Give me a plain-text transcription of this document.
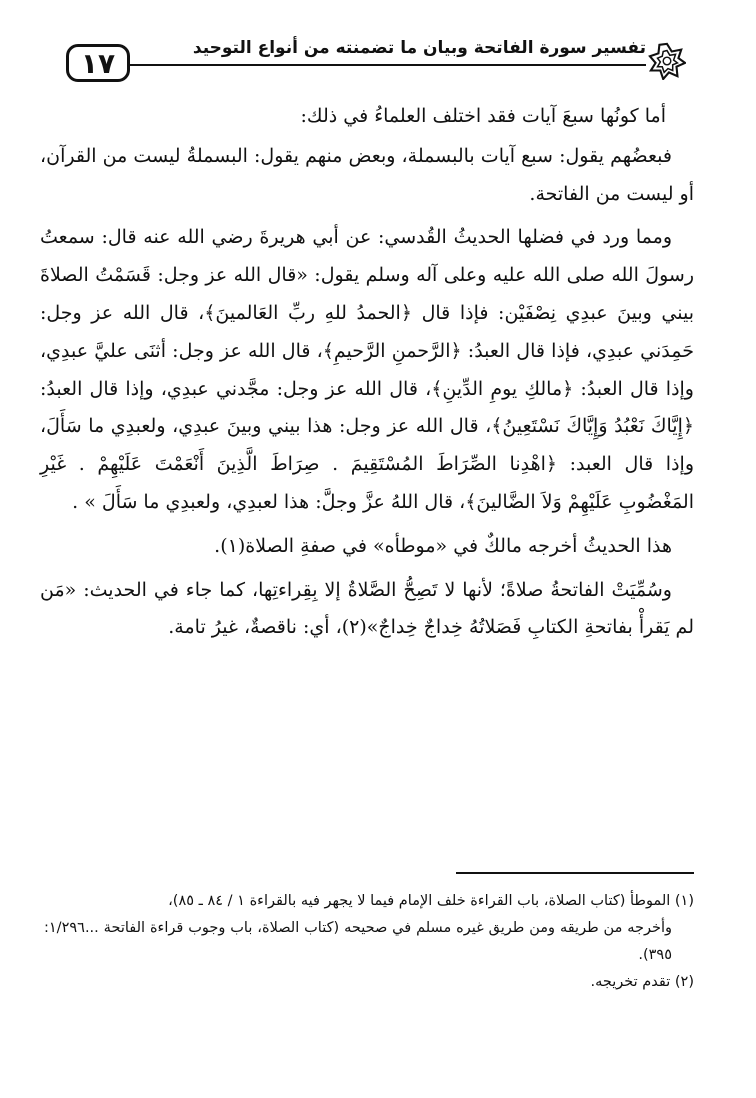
١٧	تفسير سورة الفاتحة وبيان ما تضمنته من أنواع التوحيد

أما كونُها سبعَ آيات فقد اختلف العلماءُ في ذلك:

فبعضُهم يقول: سبع آيات بالبسملة، وبعض منهم يقول: البسملةُ ليست من القرآن، أو ليست من الفاتحة.

ومما ورد في فضلها الحديثُ القُدسي: عن أبي هريرةَ رضي الله عنه قال: سمعتُ رسولَ الله صلى الله عليه وعلى آله وسلم يقول: «قال الله عز وجل: قَسَمْتُ الصلاةَ بيني وبينَ عبدِي نِصْفَيْن: فإذا قال ﴿الحمدُ للهِ ربِّ العَالمينَ﴾، قال الله عز وجل: حَمِدَني عبدِي، فإذا قال العبدُ: ﴿الرَّحمنِ الرَّحيمِ﴾، قال الله عز وجل: أثنَى عليَّ عبدِي، وإذا قال العبدُ: ﴿مالكِ يومِ الدِّينِ﴾، قال الله عز وجل: مجَّدني عبدِي، وإذا قال العبدُ: ﴿إِيَّاكَ نَعْبُدُ وَإِيَّاكَ نَسْتَعِينُ﴾، قال الله عز وجل: هذا بيني وبينَ عبدِي، ولعبدِي ما سَأَلَ، وإذا قال العبد: ﴿اهْدِنا الصِّرَاطَ المُسْتَقِيمَ . صِرَاطَ الَّذِينَ أَنْعَمْتَ عَلَيْهِمْ . غَيْرِ المَغْضُوبِ عَلَيْهِمْ وَلاَ الضَّالينَ﴾، قال اللهُ عزَّ وجلَّ: هذا لعبدِي، ولعبدِي ما سَأَلَ » .

هذا الحديثُ أخرجه مالكٌ في «موطأه» في صفةِ الصلاة(١).

وسُمِّيَتْ الفاتحةُ صلاةً؛ لأنها لا تَصِحُّ الصَّلاةُ إلا بِقِراءتِها، كما جاء في الحديث: «مَن لم يَقرأْ بفاتحةِ الكتابِ فَصَلاتُهُ خِداجٌ خِداجٌ»(٢)، أي: ناقصةٌ، غيرُ تامة.

(١) الموطأ (كتاب الصلاة، باب القراءة خلف الإمام فيما لا يجهر فيه بالقراءة ١ / ٨٤ ـ ٨٥)،

وأخرجه من طريقه ومن طريق غيره مسلم في صحيحه (كتاب الصلاة، باب وجوب قراءة الفاتحة ...١/٢٩٦: ٣٩٥).

(٢) تقدم تخريجه.
